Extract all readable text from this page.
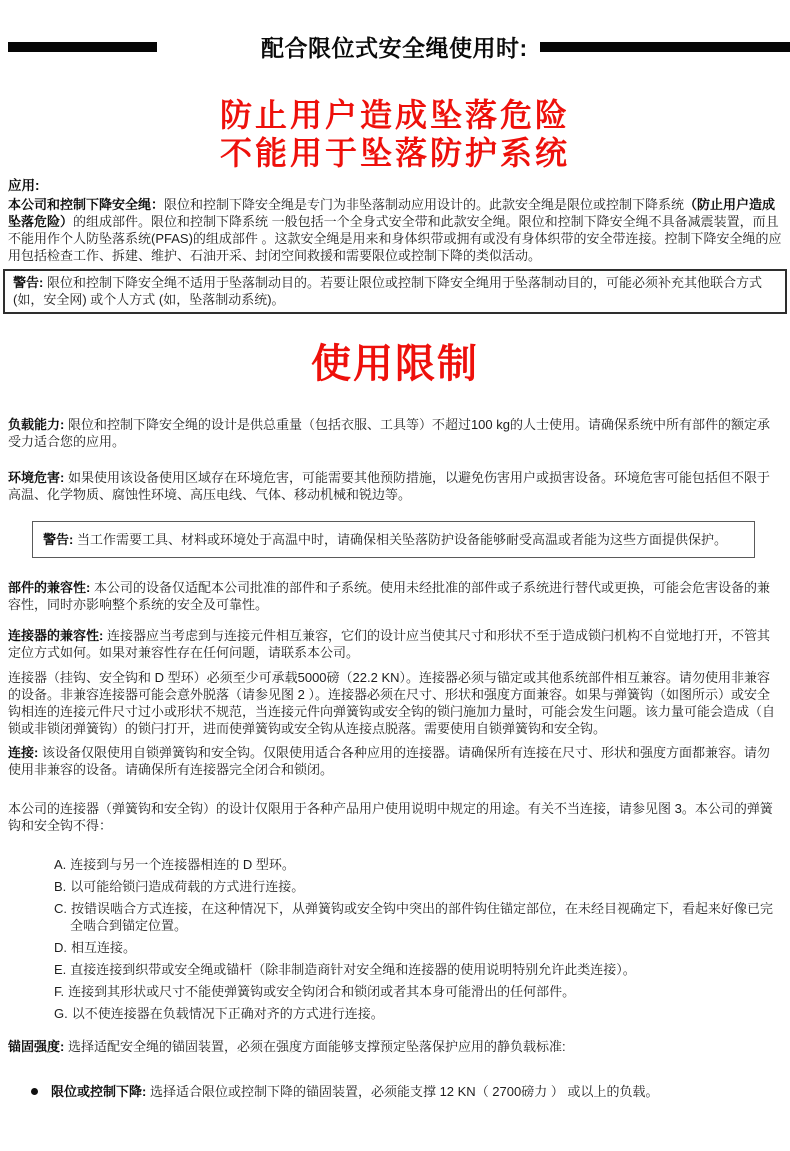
配合限位式安全绳使用时:
防止用户造成坠落危险
不能用于坠落防护系统
应用:
本公司和控制下降安全绳：限位和控制下降安全绳是专门为非坠落制动应用设计的。此款安全绳是限位或控制下降系统（防止用户造成坠落危险）的组成部件。限位和控制下降系统 一般包括一个全身式安全带和此款安全绳。限位和控制下降安全绳不具备减震装置，而且不能用作个人防坠落系统(PFAS)的组成部件 。这款安全绳是用来和身体织带或拥有或没有身体织带的安全带连接。控制下降安全绳的应用包括检查工作、拆建、维护、石油开采、封闭空间救援和需要限位或控制下降的类似活动。
警告: 限位和控制下降安全绳不适用于坠落制动目的。若要让限位或控制下降安全绳用于坠落制动目的，可能必须补充其他联合方式 (如，安全网) 或个人方式 (如，坠落制动系统)。
使用限制
负载能力: 限位和控制下降安全绳的设计是供总重量（包括衣服、工具等）不超过100 kg的人士使用。请确保系统中所有部件的额定承受力适合您的应用。
环境危害: 如果使用该设备使用区域存在环境危害，可能需要其他预防措施，以避免伤害用户或损害设备。环境危害可能包括但不限于高温、化学物质、腐蚀性环境、高压电线、气体、移动机械和锐边等。
警告: 当工作需要工具、材料或环境处于高温中时，请确保相关坠落防护设备能够耐受高温或者能为这些方面提供保护。
部件的兼容性: 本公司的设备仅适配本公司批准的部件和子系统。使用未经批准的部件或子系统进行替代或更换，可能会危害设备的兼容性，同时亦影响整个系统的安全及可靠性。
连接器的兼容性: 连接器应当考虑到与连接元件相互兼容，它们的设计应当使其尺寸和形状不至于造成锁闩机构不自觉地打开，不管其定位方式如何。如果对兼容性存在任何问题，请联系本公司。
连接器（挂钩、安全钩和 D 型环）必须至少可承载5000磅（22.2 KN）。连接器必须与锚定或其他系统部件相互兼容。请勿使用非兼容的设备。非兼容连接器可能会意外脱落（请参见图 2 ）。连接器必须在尺寸、形状和强度方面兼容。如果与弹簧钩（如图所示）或安全钩相连的连接元件尺寸过小或形状不规范，当连接元件向弹簧钩或安全钩的锁闩施加力量时，可能会发生问题。该力量可能会造成（自锁或非锁闭弹簧钩）的锁闩打开，进而使弹簧钩或安全钩从连接点脱落。需要使用自锁弹簧钩和安全钩。
连接: 该设备仅限使用自锁弹簧钩和安全钩。仅限使用适合各种应用的连接器。请确保所有连接在尺寸、形状和强度方面都兼容。请勿使用非兼容的设备。请确保所有连接器完全闭合和锁闭。
本公司的连接器（弹簧钩和安全钩）的设计仅限用于各种产品用户使用说明中规定的用途。有关不当连接，请参见图 3。本公司的弹簧钩和安全钩不得：
A. 连接到与另一个连接器相连的 D 型环。
B. 以可能给锁闩造成荷载的方式进行连接。
C. 按错误啮合方式连接，在这种情况下，从弹簧钩或安全钩中突出的部件钩住锚定部位，在未经目视确定下，看起来好像已完全啮合到锚定位置。
D. 相互连接。
E. 直接连接到织带或安全绳或锚杆（除非制造商针对安全绳和连接器的使用说明特别允许此类连接）。
F. 连接到其形状或尺寸不能使弹簧钩或安全钩闭合和锁闭或者其本身可能滑出的任何部件。
G. 以不使连接器在负载情况下正确对齐的方式进行连接。
锚固强度: 选择适配安全绳的锚固装置，必须在强度方面能够支撑预定坠落保护应用的静负载标准:
限位或控制下降: 选择适合限位或控制下降的锚固装置，必须能支撑 12 KN（ 2700磅力 ） 或以上的负载。
